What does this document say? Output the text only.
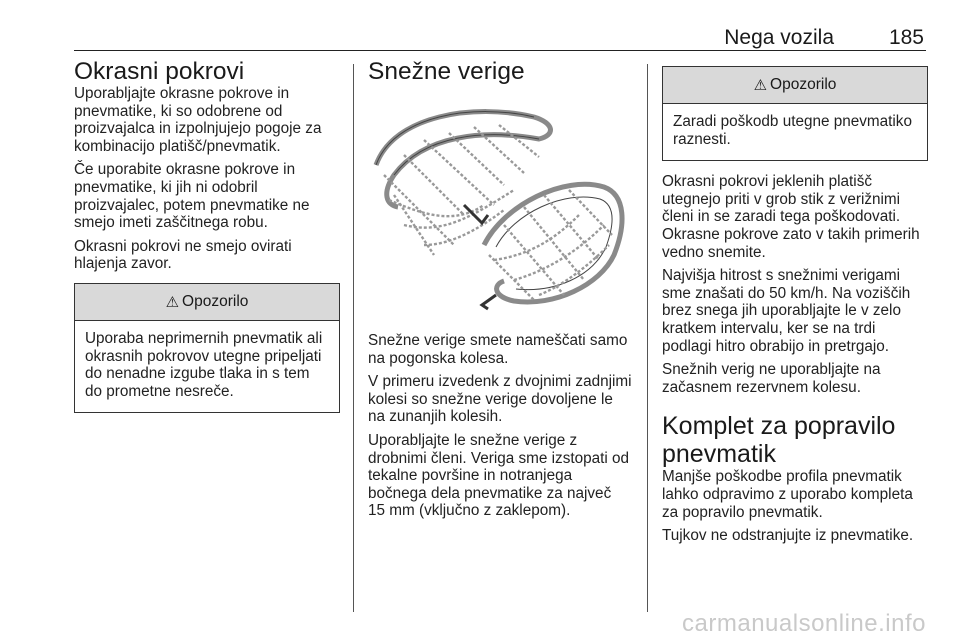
Nega vozila	185
Okrasni pokrovi

Uporabljajte okrasne pokrove in pnevmatike, ki so odobrene od proizvajalca in izpolnjujejo pogoje za kombinacijo platišč/pnevmatik.

Če uporabite okrasne pokrove in pnevmatike, ki jih ni odobril proizvajalec, potem pnevmatike ne smejo imeti zaščitnega robu.

Okrasni pokrovi ne smejo ovirati hlajenja zavor.

⚠ Opozorilo

Uporaba neprimernih pnevmatik ali okrasnih pokrovov utegne pripeljati do nenadne izgube tlaka in s tem do prometne nesreče.

Snežne verige

Snežne verige smete nameščati samo na pogonska kolesa.

V primeru izvedenk z dvojnimi zadnjimi kolesi so snežne verige dovoljene le na zunanjih kolesih.

Uporabljajte le snežne verige z drobnimi členi. Veriga sme izstopati od tekalne površine in notranjega bočnega dela pnevmatike za največ 15 mm (vključno z zaklepom).

⚠ Opozorilo

Zaradi poškodb utegne pnevmatiko raznesti.

Okrasni pokrovi jeklenih platišč utegnejo priti v grob stik z verižnimi členi in se zaradi tega poškodovati. Okrasne pokrove zato v takih primerih vedno snemite.

Najvišja hitrost s snežnimi verigami sme znašati do 50 km/h. Na voziščih brez snega jih uporabljajte le v zelo kratkem intervalu, ker se na trdi podlagi hitro obrabijo in pretrgajo.

Snežnih verig ne uporabljajte na začasnem rezervnem kolesu.

Komplet za popravilo pnevmatik

Manjše poškodbe profila pnevmatik lahko odpravimo z uporabo kompleta za popravilo pnevmatik.

Tujkov ne odstranjujte iz pnevmatike.

carmanualsonline.info
